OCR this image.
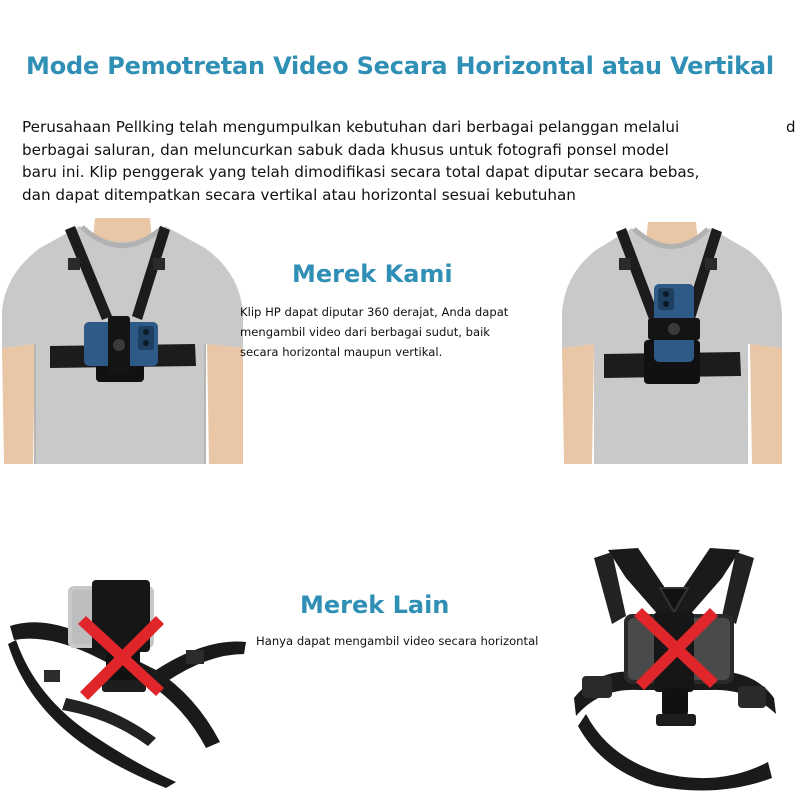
Mode Pemotretan Video Secara Horizontal atau Vertikal
Perusahaan Pellking telah mengumpulkan kebutuhan dari berbagai pelanggan melalui
berbagai saluran, dan meluncurkan sabuk dada khusus untuk fotografi ponsel model
baru ini. Klip penggerak yang telah dimodifikasi secara total dapat diputar secara bebas,
dan dapat ditempatkan secara vertikal atau horizontal sesuai kebutuhan
d
Merek Kami
Klip HP dapat diputar 360 derajat, Anda dapat
mengambil video dari berbagai sudut, baik
secara horizontal maupun vertikal.
Merek Lain
Hanya dapat mengambil video secara horizontal
